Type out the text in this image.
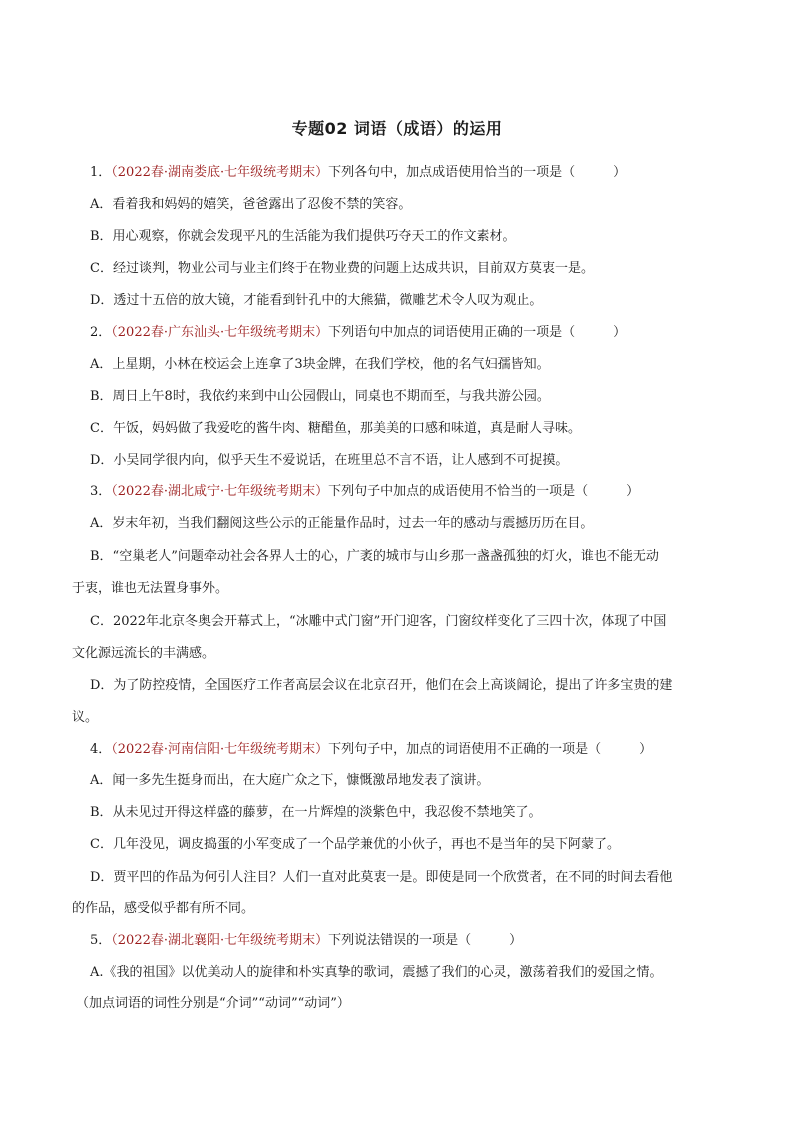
专题02 词语（成语）的运用
1．（2022春·湖南娄底·七年级统考期末）下列各句中，加点成语使用恰当的一项是（	）
A．看着我和妈妈的嬉笑，爸爸露出了忍俊不禁的笑容。
B．用心观察，你就会发现平凡的生活能为我们提供巧夺天工的作文素材。
C．经过谈判，物业公司与业主们终于在物业费的问题上达成共识，目前双方莫衷一是。
D．透过十五倍的放大镜，才能看到针孔中的大熊猫，微雕艺术令人叹为观止。
2．（2022春·广东汕头·七年级统考期末）下列语句中加点的词语使用正确的一项是（	）
A．上星期，小林在校运会上连拿了3块金牌，在我们学校，他的名气妇孺皆知。
B．周日上午8时，我依约来到中山公园假山，同桌也不期而至，与我共游公园。
C．午饭，妈妈做了我爱吃的酱牛肉、糖醋鱼，那美美的口感和味道，真是耐人寻味。
D．小吴同学很内向，似乎天生不爱说话，在班里总不言不语，让人感到不可捉摸。
3．（2022春·湖北咸宁·七年级统考期末）下列句子中加点的成语使用不恰当的一项是（	）
A．岁末年初，当我们翻阅这些公示的正能量作品时，过去一年的感动与震撼历历在目。
B．“空巢老人”问题牵动社会各界人士的心，广袤的城市与山乡那一盏盏孤独的灯火，谁也不能无动
于衷，谁也无法置身事外。
C．2022年北京冬奥会开幕式上，“冰雕中式门窗”开门迎客，门窗纹样变化了三四十次，体现了中国
文化源远流长的丰满感。
D．为了防控疫情，全国医疗工作者高层会议在北京召开，他们在会上高谈阔论，提出了许多宝贵的建
议。
4．（2022春·河南信阳·七年级统考期末）下列句子中，加点的词语使用不正确的一项是（	）
A．闻一多先生挺身而出，在大庭广众之下，慷慨激昂地发表了演讲。
B．从未见过开得这样盛的藤萝，在一片辉煌的淡紫色中，我忍俊不禁地笑了。
C．几年没见，调皮捣蛋的小军变成了一个品学兼优的小伙子，再也不是当年的吴下阿蒙了。
D．贾平凹的作品为何引人注目？人们一直对此莫衷一是。即使是同一个欣赏者，在不同的时间去看他
的作品，感受似乎都有所不同。
5．（2022春·湖北襄阳·七年级统考期末）下列说法错误的一项是（	）
A.《我的祖国》以优美动人的旋律和朴实真挚的歌词，震撼了我们的心灵，激荡着我们的爱国之情。
（加点词语的词性分别是“介词”“动词”“动词”）
